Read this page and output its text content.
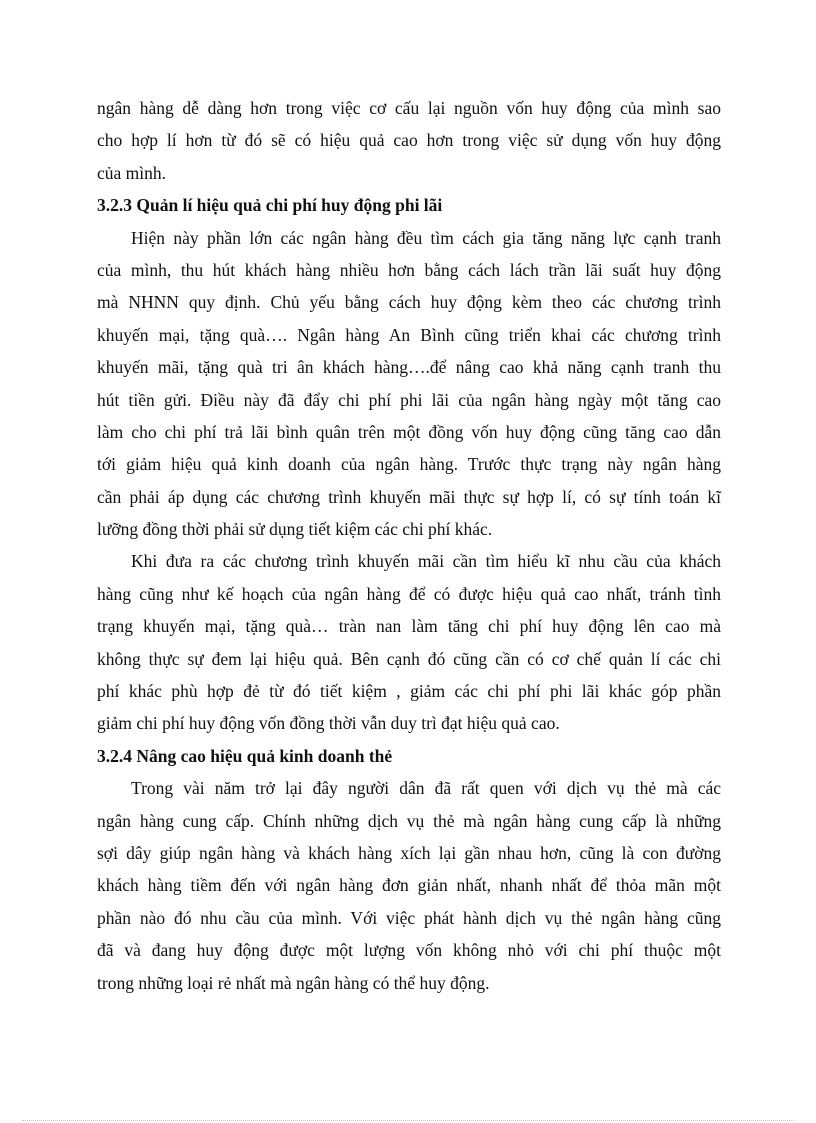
ngân hàng dễ dàng hơn trong việc cơ cấu lại nguồn vốn huy động của mình sao
cho hợp lí hơn từ đó sẽ có hiệu quả cao hơn trong việc sử dụng vốn huy động
của mình.
3.2.3 Quản lí hiệu quả chi phí huy động phi lãi
Hiện này phần lớn các ngân hàng đều tìm cách gia tăng năng lực cạnh tranh
của mình, thu hút khách hàng nhiều hơn bằng cách lách trần lãi suất huy động
mà NHNN quy định. Chủ yếu bằng cách huy động kèm theo các chương trình
khuyến mại, tặng quà…. Ngân hàng An Bình cũng triển khai các chương trình
khuyến mãi, tặng quà tri ân khách hàng….để nâng cao khả năng cạnh tranh thu
hút tiền gửi. Điều này đã đẩy chi phí phi lãi của ngân hàng ngày một tăng cao
làm cho chi phí trả lãi bình quân trên một đồng vốn huy động cũng tăng cao dẫn
tới giảm hiệu quả kinh doanh của ngân hàng. Trước thực trạng này ngân hàng
cần phải áp dụng các chương trình khuyến mãi thực sự hợp lí, có sự tính toán kĩ
lưỡng đồng thời phải sử dụng tiết kiệm các chi phí khác.
Khi đưa ra các chương trình khuyến mãi cần tìm hiểu kĩ nhu cầu của khách
hàng cũng như kế hoạch của ngân hàng để có được hiệu quả cao nhất, tránh tình
trạng khuyến mại, tặng quà… tràn nan làm tăng chi phí huy động lên cao mà
không thực sự đem lại hiệu quả. Bên cạnh đó cũng cần có cơ chế quản lí các chi
phí khác phù hợp đẻ từ đó tiết kiệm , giảm các chi phí phi lãi khác góp phần
giảm chi phí huy động vốn đồng thời vẫn duy trì đạt hiệu quả cao.
3.2.4 Nâng cao hiệu quả kinh doanh thẻ
Trong vài năm trở lại đây người dân đã rất quen với dịch vụ thẻ mà các
ngân hàng cung cấp. Chính những dịch vụ thẻ mà ngân hàng cung cấp là những
sợi dây giúp ngân hàng và khách hàng xích lại gần nhau hơn, cũng là con đường
khách hàng tiềm đến với ngân hàng đơn giản nhất, nhanh nhất để thỏa mãn một
phần nào đó nhu cầu của mình. Với việc phát hành dịch vụ thẻ ngân hàng cũng
đã và đang huy động được một lượng vốn không nhỏ với chi phí thuộc một
trong những loại rẻ nhất mà ngân hàng có thể huy động.
